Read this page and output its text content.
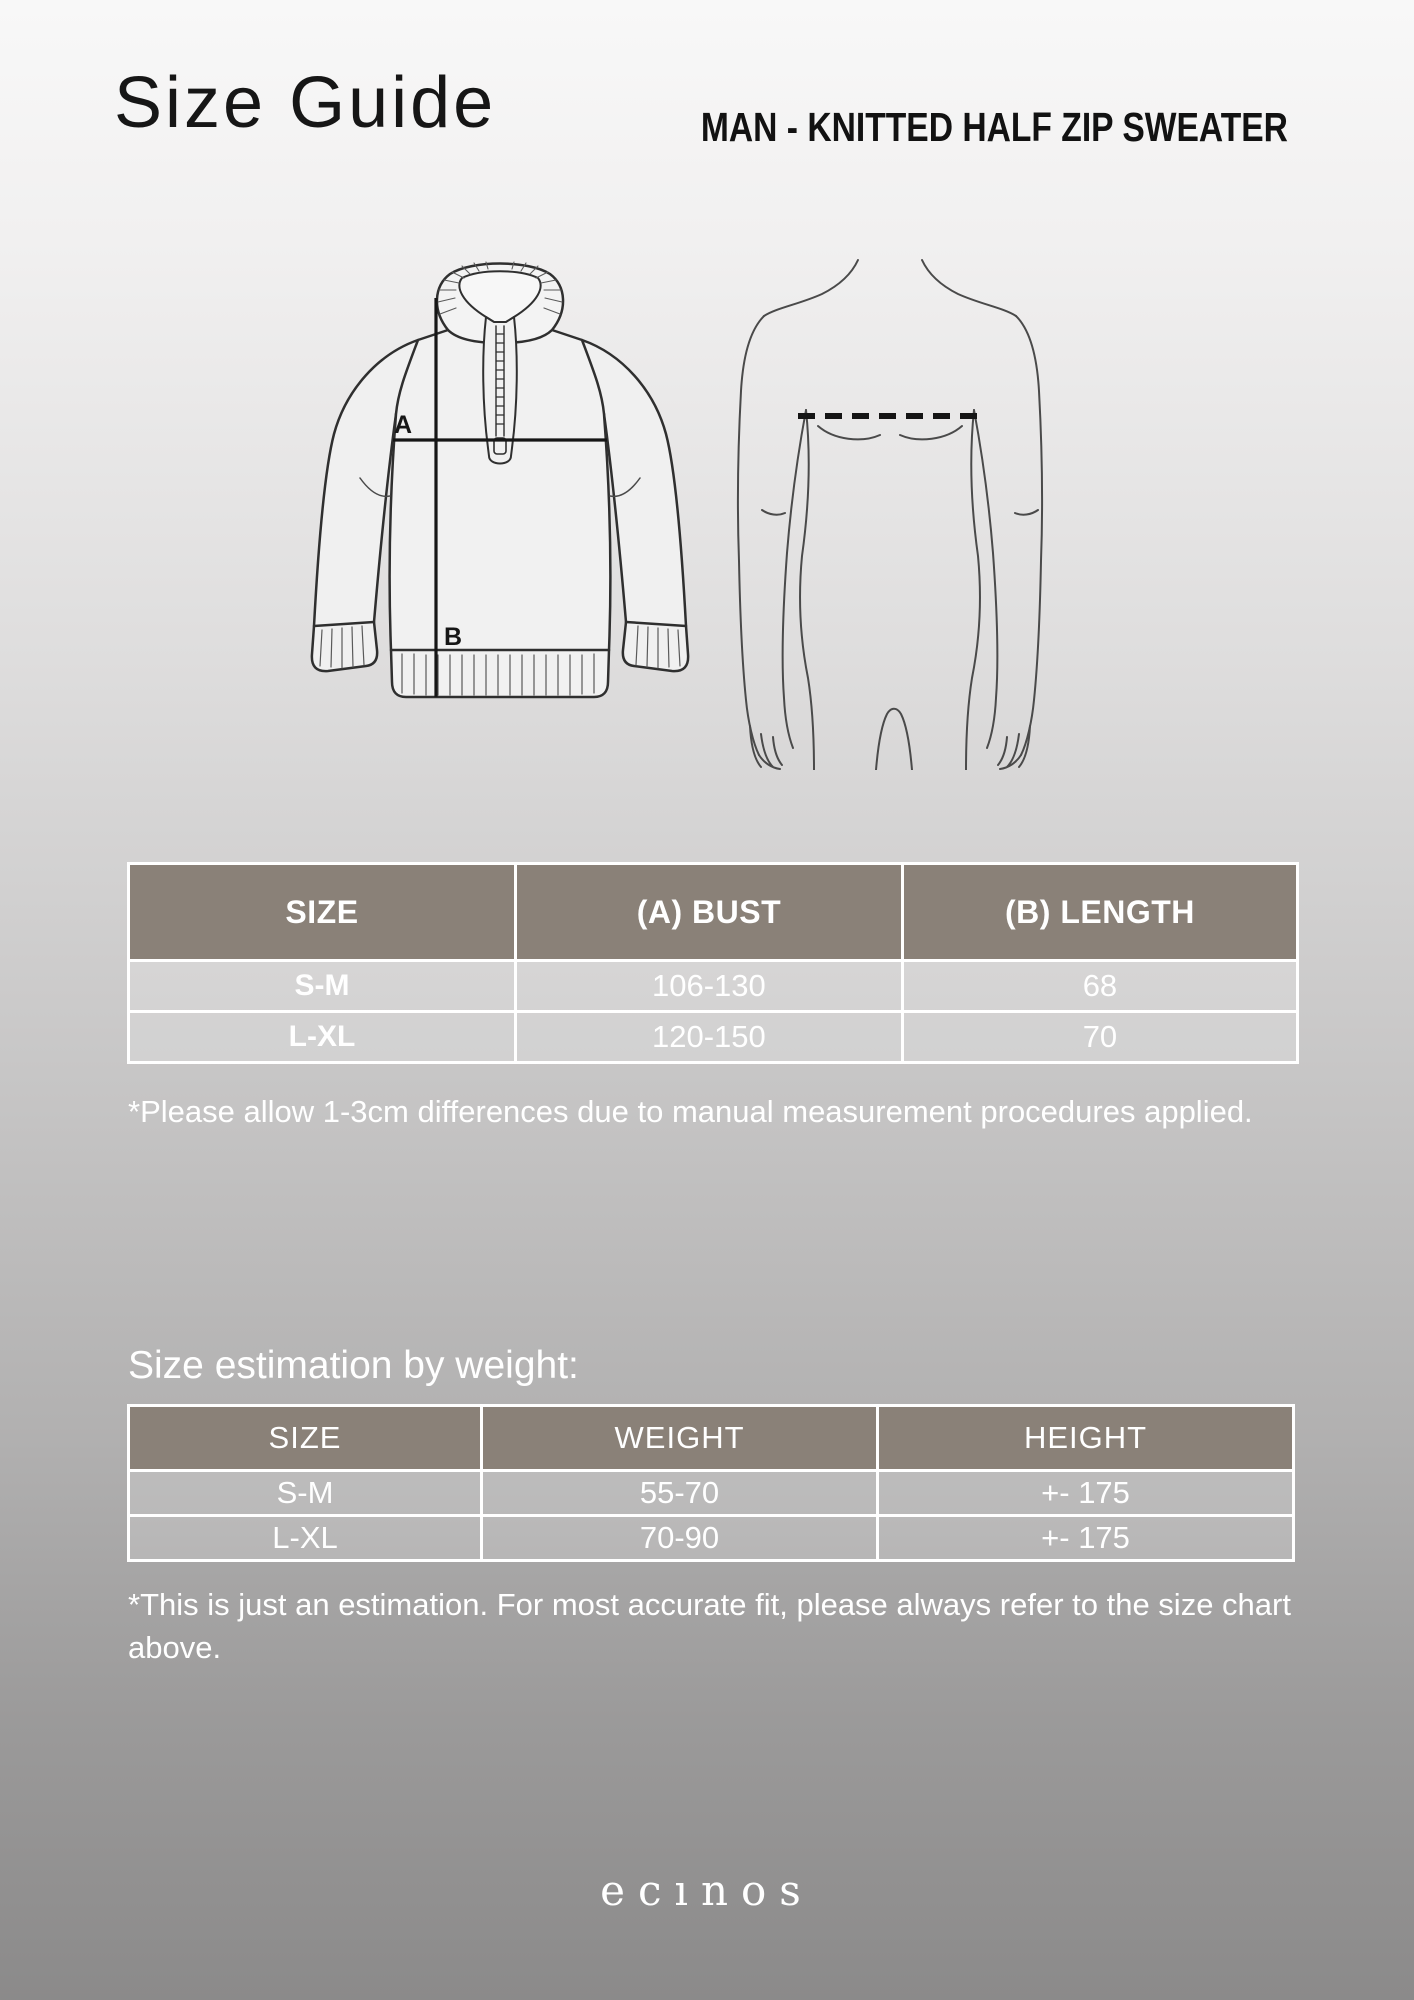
Size Guide	MAN - KNITTED HALF ZIP SWEATER
A
B
SIZE	(A) BUST	(B) LENGTH
S-M	106-130	68
L-XL	120-150	70

*Please allow 1-3cm differences due to manual measurement procedures applied.

Size estimation by weight:
SIZE	WEIGHT	HEIGHT
S-M	55-70	+- 175
L-XL	70-90	+- 175

*This is just an estimation. For most accurate fit, please always refer to the size chart above.

ecınos
